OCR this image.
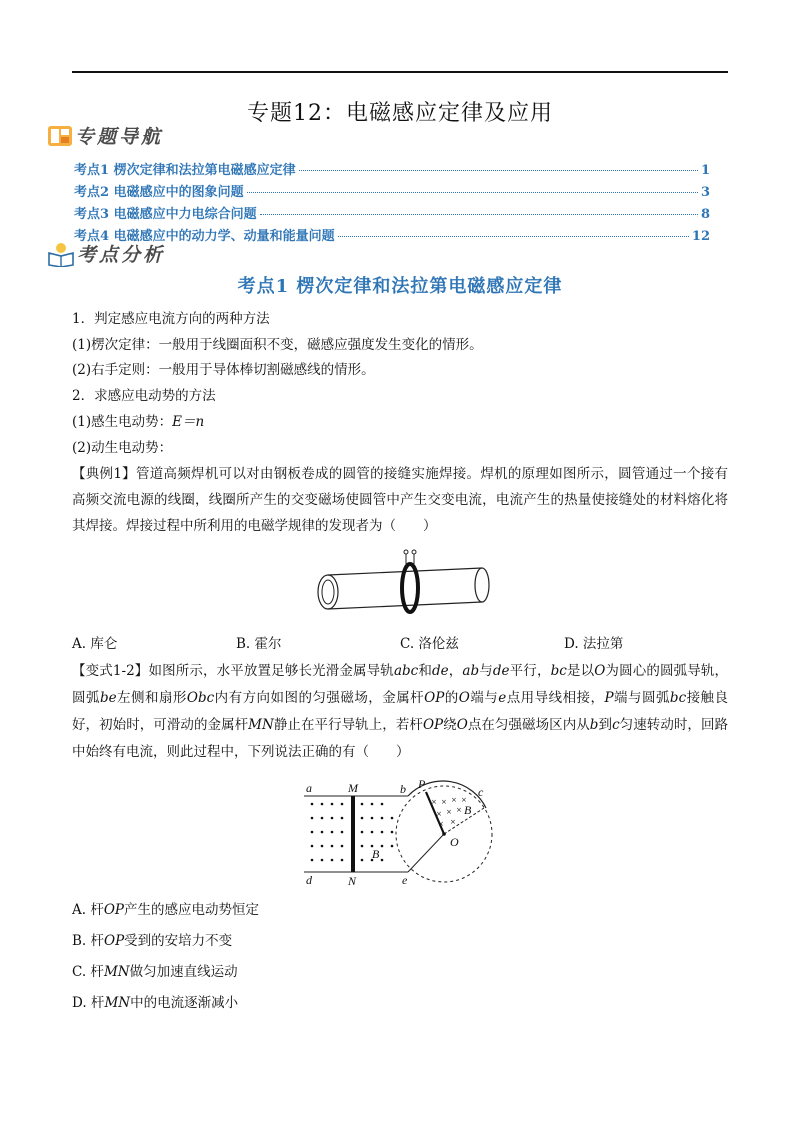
专题12：电磁感应定律及应用
专题导航
考点1 楞次定律和法拉第电磁感应定律	1
考点2 电磁感应中的图象问题	3
考点3 电磁感应中力电综合问题	8
考点4 电磁感应中的动力学、动量和能量问题	12
考点分析
考点1 楞次定律和法拉第电磁感应定律
1．判定感应电流方向的两种方法
(1)楞次定律：一般用于线圈面积不变，磁感应强度发生变化的情形。
(2)右手定则：一般用于导体棒切割磁感线的情形。
2．求感应电动势的方法
(1)感生电动势：E＝n
(2)动生电动势：
【典例1】管道高频焊机可以对由钢板卷成的圆管的接缝实施焊接。焊机的原理如图所示，圆管通过一个接有高频交流电源的线圈，线圈所产生的交变磁场使圆管中产生交变电流，电流产生的热量使接缝处的材料熔化将其焊接。焊接过程中所利用的电磁学规律的发现者为（　　）
A. 库仑	B. 霍尔	C. 洛伦兹	D. 法拉第
【变式1-2】如图所示，水平放置足够长光滑金属导轨abc和de，ab与de平行，bc是以O为圆心的圆弧导轨，圆弧be左侧和扇形Obc内有方向如图的匀强磁场，金属杆OP的O端与e点用导线相接，P端与圆弧bc接触良好，初始时，可滑动的金属杆MN静止在平行导轨上，若杆OP绕O点在匀强磁场区内从b到c匀速转动时，回路中始终有电流，则此过程中，下列说法正确的有（　　）
× × × ×
× × ×
× ×
a	M	b P
c
B
O
B
d	N	e
A. 杆OP产生的感应电动势恒定
B. 杆OP受到的安培力不变
C. 杆MN做匀加速直线运动
D. 杆MN中的电流逐渐减小
